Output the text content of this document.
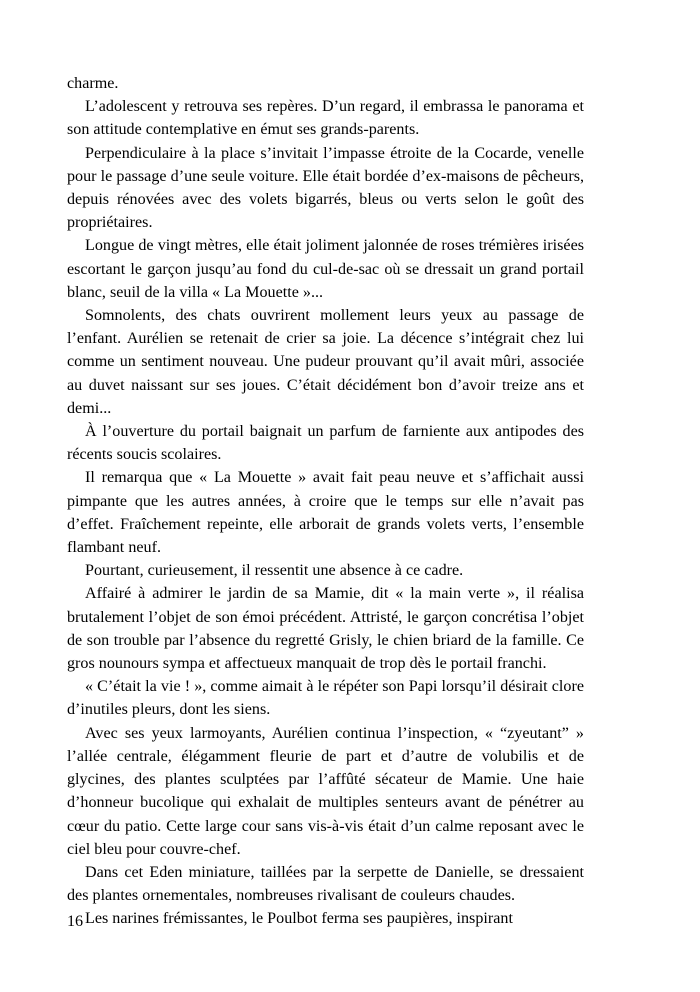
charme.

L’adolescent y retrouva ses repères. D’un regard, il embrassa le panorama et son attitude contemplative en émut ses grands-parents.

Perpendiculaire à la place s’invitait l’impasse étroite de la Cocarde, venelle pour le passage d’une seule voiture. Elle était bordée d’ex-maisons de pêcheurs, depuis rénovées avec des volets bigarrés, bleus ou verts selon le goût des propriétaires.

Longue de vingt mètres, elle était joliment jalonnée de roses trémières irisées escortant le garçon jusqu’au fond du cul-de-sac où se dressait un grand portail blanc, seuil de la villa « La Mouette »...

Somnolents, des chats ouvrirent mollement leurs yeux au passage de l’enfant. Aurélien se retenait de crier sa joie. La décence s’intégrait chez lui comme un sentiment nouveau. Une pudeur prouvant qu’il avait mûri, associée au duvet naissant sur ses joues. C’était décidément bon d’avoir treize ans et demi...

À l’ouverture du portail baignait un parfum de farniente aux antipodes des récents soucis scolaires.

Il remarqua que « La Mouette » avait fait peau neuve et s’affichait aussi pimpante que les autres années, à croire que le temps sur elle n’avait pas d’effet. Fraîchement repeinte, elle arborait de grands volets verts, l’ensemble flambant neuf.

Pourtant, curieusement, il ressentit une absence à ce cadre.

Affairé à admirer le jardin de sa Mamie, dit « la main verte », il réalisa brutalement l’objet de son émoi précédent. Attristé, le garçon concrétisa l’objet de son trouble par l’absence du regretté Grisly, le chien briard de la famille. Ce gros nounours sympa et affectueux manquait de trop dès le portail franchi.

« C’était la vie ! », comme aimait à le répéter son Papi lorsqu’il désirait clore d’inutiles pleurs, dont les siens.

Avec ses yeux larmoyants, Aurélien continua l’inspection, « “zyeutant” » l’allée centrale, élégamment fleurie de part et d’autre de volubilis et de glycines, des plantes sculptées par l’affûté sécateur de Mamie. Une haie d’honneur bucolique qui exhalait de multiples senteurs avant de pénétrer au cœur du patio. Cette large cour sans vis-à-vis était d’un calme reposant avec le ciel bleu pour couvre-chef.

Dans cet Eden miniature, taillées par la serpette de Danielle, se dressaient des plantes ornementales, nombreuses rivalisant de couleurs chaudes.

Les narines frémissantes, le Poulbot ferma ses paupières, inspirant

16
